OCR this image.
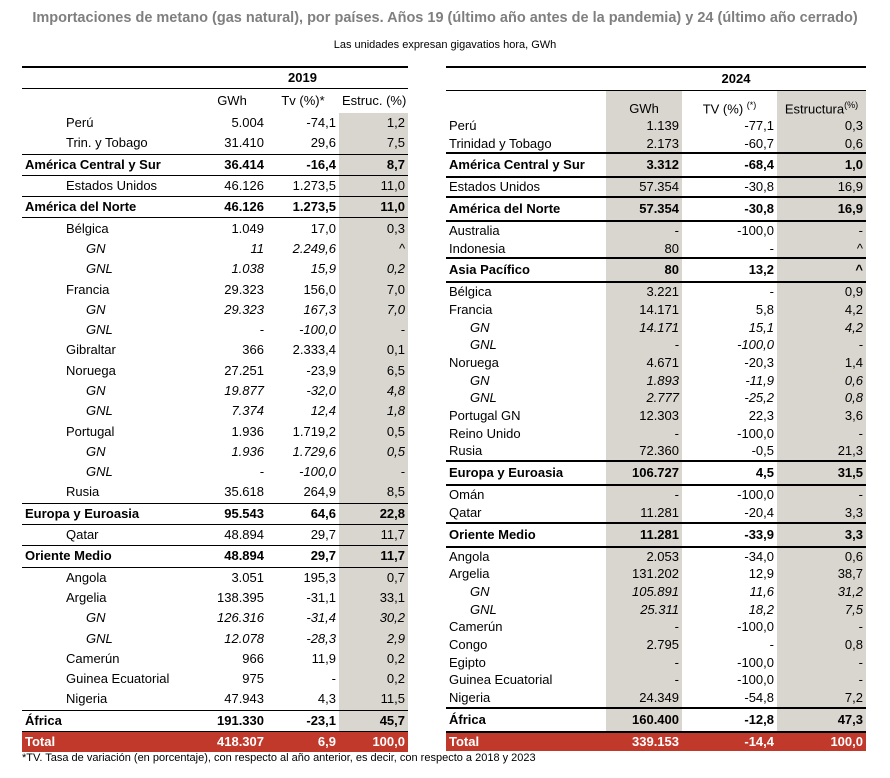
Importaciones de metano (gas natural), por países. Años 19 (último año antes de la pandemia) y 24 (último año cerrado)
Las unidades expresan gigavatios hora, GWh
	2019		
	GWh	Tv (%)*	Estruc. (%)
Perú	5.004	-74,1	1,2
Trin. y Tobago	31.410	29,6	7,5
América Central y Sur	36.414	-16,4	8,7
Estados Unidos	46.126	1.273,5	11,0
América del Norte	46.126	1.273,5	11,0
Bélgica	1.049	17,0	0,3
GN	11	2.249,6	^
GNL	1.038	15,9	0,2
Francia	29.323	156,0	7,0
GN	29.323	167,3	7,0
GNL	-	-100,0	-
Gibraltar	366	2.333,4	0,1
Noruega	27.251	-23,9	6,5
GN	19.877	-32,0	4,8
GNL	7.374	12,4	1,8
Portugal	1.936	1.719,2	0,5
GN	1.936	1.729,6	0,5
GNL	-	-100,0	-
Rusia	35.618	264,9	8,5
Europa y Euroasia	95.543	64,6	22,8
Qatar	48.894	29,7	11,7
Oriente Medio	48.894	29,7	11,7
Angola	3.051	195,3	0,7
Argelia	138.395	-31,1	33,1
GN	126.316	-31,4	30,2
GNL	12.078	-28,3	2,9
Camerún	966	11,9	0,2
Guinea Ecuatorial	975	-	0,2
Nigeria	47.943	4,3	11,5
África	191.330	-23,1	45,7
Total	418.307	6,9	100,0
	2024		
	GWh	TV (%) (*)	Estructura(%)
Perú	1.139	-77,1	0,3
Trinidad y Tobago	2.173	-60,7	0,6
América Central y Sur	3.312	-68,4	1,0
Estados Unidos	57.354	-30,8	16,9
América del Norte	57.354	-30,8	16,9
Australia	-	-100,0	-
Indonesia	80	-	^
Asia Pacífico	80	13,2	^
Bélgica	3.221	-	0,9
Francia	14.171	5,8	4,2
GN	14.171	15,1	4,2
GNL	-	-100,0	-
Noruega	4.671	-20,3	1,4
GN	1.893	-11,9	0,6
GNL	2.777	-25,2	0,8
Portugal GN	12.303	22,3	3,6
Reino Unido	-	-100,0	-
Rusia	72.360	-0,5	21,3
Europa y Euroasia	106.727	4,5	31,5
Omán	-	-100,0	-
Qatar	11.281	-20,4	3,3
Oriente Medio	11.281	-33,9	3,3
Angola	2.053	-34,0	0,6
Argelia	131.202	12,9	38,7
GN	105.891	11,6	31,2
GNL	25.311	18,2	7,5
Camerún	-	-100,0	-
Congo	2.795	-	0,8
Egipto	-	-100,0	-
Guinea Ecuatorial	-	-100,0	-
Nigeria	24.349	-54,8	7,2
África	160.400	-12,8	47,3
Total	339.153	-14,4	100,0
*TV. Tasa de variación (en porcentaje), con respecto al año anterior, es decir, con respecto a 2018 y 2023
